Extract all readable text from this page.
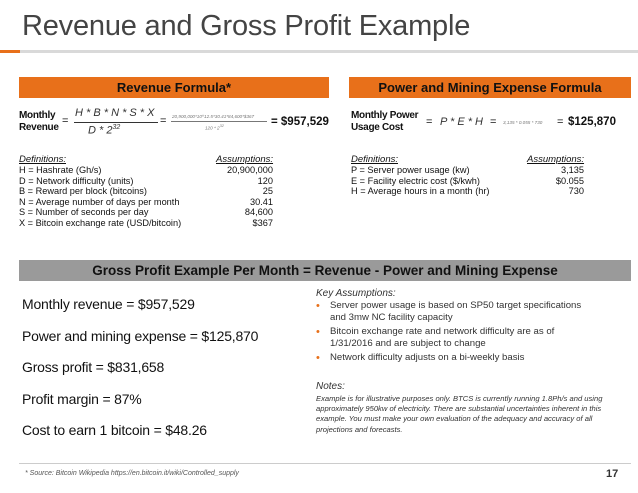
Revenue and Gross Profit Example
Revenue Formula*
Monthly
Revenue
=
H * B * N * S * X
D * $2^{32}$
= 20,900,000*10^12.5*30.41*84,600*$367
$120 * 2^{32}$	= $957,529
Definitions:	Assumptions:
H = Hashrate (Gh/s)	20,900,000
D = Network difficulty (units)	120
B = Reward per block (bitcoins)	25
N = Average number of days per month	30.41
S = Number of seconds per day	84,600
X = Bitcoin exchange rate (USD/bitcoin)	$367
Power and Mining Expense Formula
Monthly Power
Usage Cost	= P * E * H = 3,135 * 0.055 * 730 = $125,870
Definitions:	Assumptions:
P = Server power usage (kw)	3,135
E = Facility electric cost ($/kwh)	$0.055
H = Average hours in a month (hr)	730
Gross Profit Example Per Month = Revenue - Power and Mining Expense
Monthly revenue = $957,529
Power and mining expense = $125,870
Gross profit = $831,658
Profit margin = 87%
Cost to earn 1 bitcoin = $48.26
Key Assumptions:
•	Server power usage is based on SP50 target specifications and 3mw NC facility capacity
•	Bitcoin exchange rate and network difficulty are as of 1/31/2016 and are subject to change
•	Network difficulty adjusts on a bi-weekly basis
Notes:
Example is for illustrative purposes only. BTCS is currently running 1.8Ph/s and using approximately 950kw of electricity. There are substantial uncertainties inherent in this example. You must make your own evaluation of the adequacy and accuracy of all projections and forecasts.
* Source: Bitcoin Wikipedia https://en.bitcoin.it/wiki/Controlled_supply	17
